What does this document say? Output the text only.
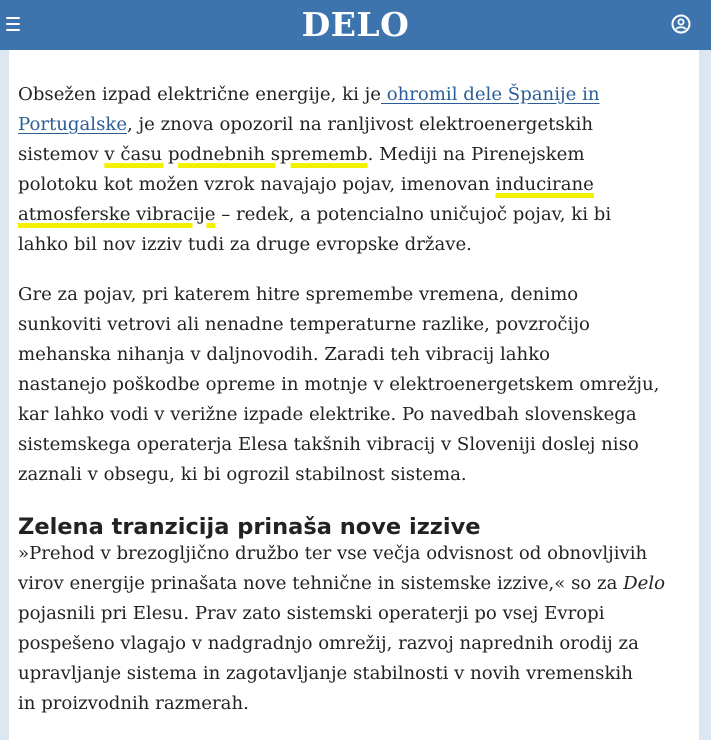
DELO

Obsežen izpad električne energije, ki je ohromil dele Španije in
Portugalske, je znova opozoril na ranljivost elektroenergetskih
sistemov v času podnebnih sprememb. Mediji na Pirenejskem
polotoku kot možen vzrok navajajo pojav, imenovan inducirane
atmosferske vibracije – redek, a potencialno uničujoč pojav, ki bi
lahko bil nov izziv tudi za druge evropske države.

Gre za pojav, pri katerem hitre spremembe vremena, denimo
sunkoviti vetrovi ali nenadne temperaturne razlike, povzročijo
mehanska nihanja v daljnovodih. Zaradi teh vibracij lahko
nastanejo poškodbe opreme in motnje v elektroenergetskem omrežju,
kar lahko vodi v verižne izpade elektrike. Po navedbah slovenskega
sistemskega operaterja Elesa takšnih vibracij v Sloveniji doslej niso
zaznali v obsegu, ki bi ogrozil stabilnost sistema.

Zelena tranzicija prinaša nove izzive

»Prehod v brezogljično družbo ter vse večja odvisnost od obnovljivih
virov energije prinašata nove tehnične in sistemske izzive,« so za Delo
pojasnili pri Elesu. Prav zato sistemski operaterji po vsej Evropi
pospešeno vlagajo v nadgradnjo omrežij, razvoj naprednih orodij za
upravljanje sistema in zagotavljanje stabilnosti v novih vremenskih
in proizvodnih razmerah.
